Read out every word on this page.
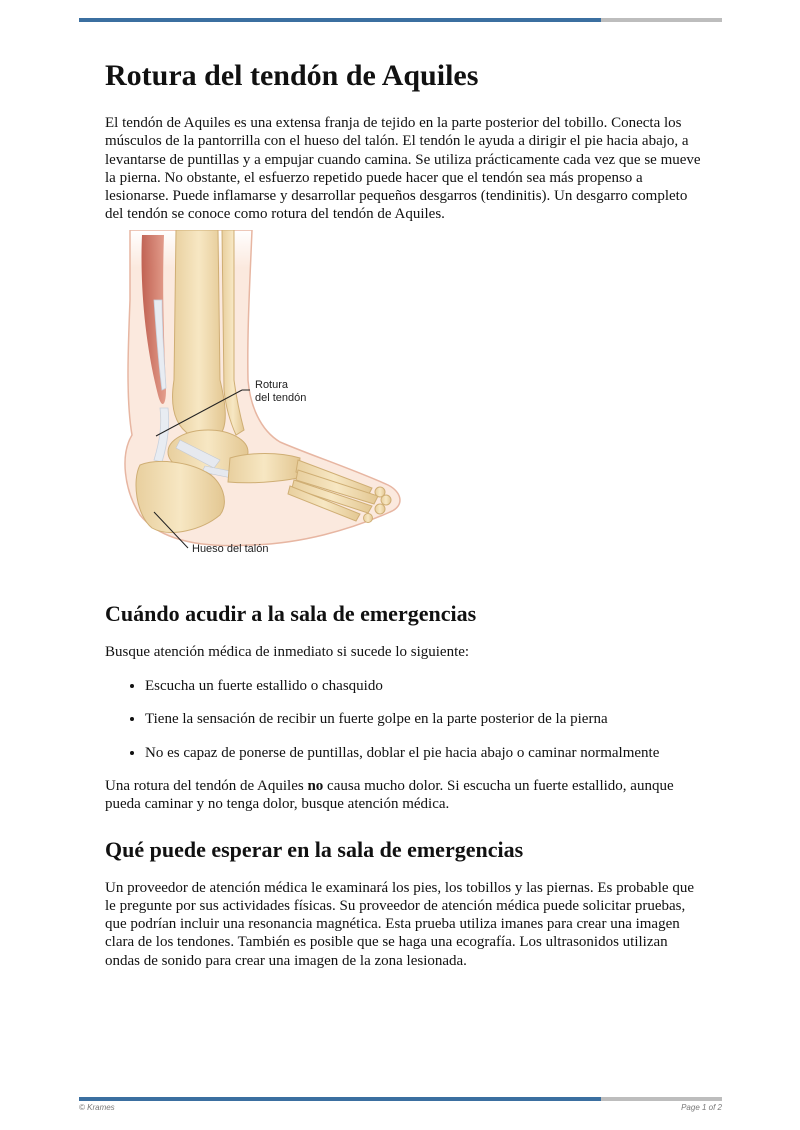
Rotura del tendón de Aquiles

El tendón de Aquiles es una extensa franja de tejido en la parte posterior del tobillo. Conecta los músculos de la pantorrilla con el hueso del talón. El tendón le ayuda a dirigir el pie hacia abajo, a levantarse de puntillas y a empujar cuando camina. Se utiliza prácticamente cada vez que se mueve la pierna. No obstante, el esfuerzo repetido puede hacer que el tendón sea más propenso a lesionarse. Puede inflamarse y desarrollar pequeños desgarros (tendinitis). Un desgarro completo del tendón se conoce como rotura del tendón de Aquiles.

Rotura
del tendón
Hueso del talón
Cuándo acudir a la sala de emergencias

Busque atención médica de inmediato si sucede lo siguiente:

• Escucha un fuerte estallido o chasquido
• Tiene la sensación de recibir un fuerte golpe en la parte posterior de la pierna
• No es capaz de ponerse de puntillas, doblar el pie hacia abajo o caminar normalmente

Una rotura del tendón de Aquiles no causa mucho dolor. Si escucha un fuerte estallido, aunque pueda caminar y no tenga dolor, busque atención médica.

Qué puede esperar en la sala de emergencias

Un proveedor de atención médica le examinará los pies, los tobillos y las piernas. Es probable que le pregunte por sus actividades físicas. Su proveedor de atención médica puede solicitar pruebas, que podrían incluir una resonancia magnética. Esta prueba utiliza imanes para crear una imagen clara de los tendones. También es posible que se haga una ecografía. Los ultrasonidos utilizan ondas de sonido para crear una imagen de la zona lesionada.

© Krames	Page 1 of 2
